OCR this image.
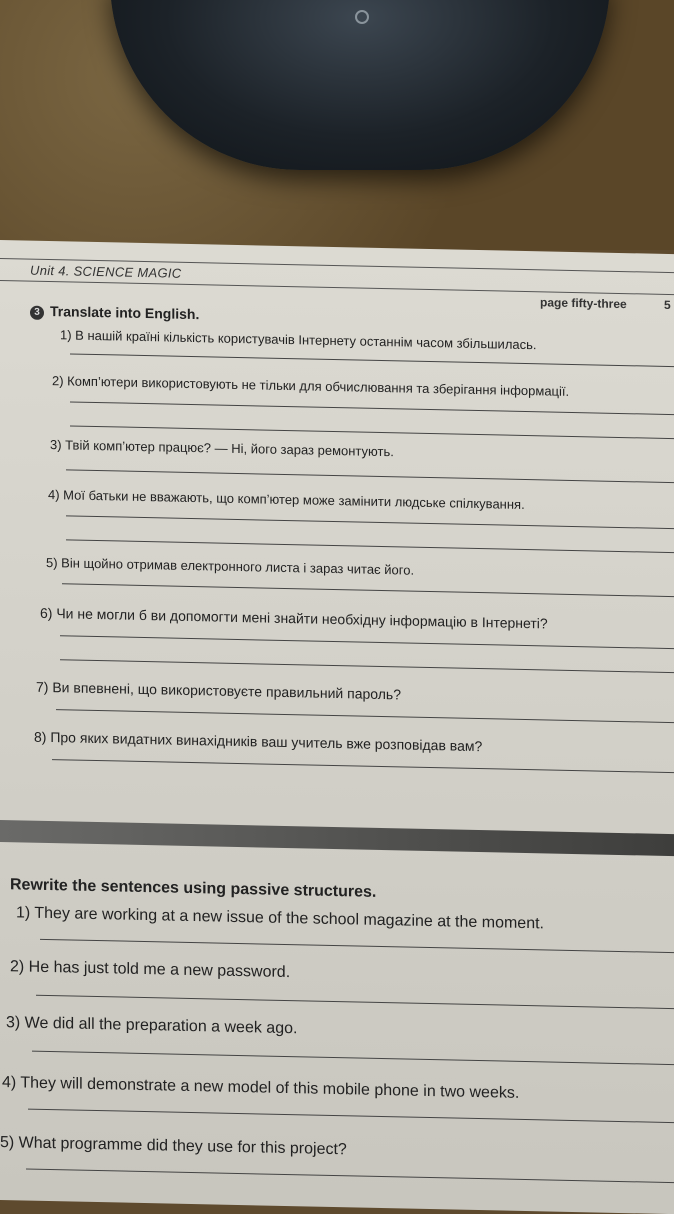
Unit 4. SCIENCE MAGIC
page fifty-three	5
3 Translate into English.
1) В нашій країні кількість користувачів Інтернету останнім часом збільшилась.
2) Комп’ютери використовують не тільки для обчислювання та зберігання інформації.
3) Твій комп’ютер працює? — Ні, його зараз ремонтують.
4) Мої батьки не вважають, що комп’ютер може замінити людське спілкування.
5) Він щойно отримав електронного листа і зараз читає його.
6) Чи не могли б ви допомогти мені знайти необхідну інформацію в Інтернеті?
7) Ви впевнені, що використовуєте правильний пароль?
8) Про яких видатних винахідників ваш учитель вже розповідав вам?
Rewrite the sentences using passive structures.
1) They are working at a new issue of the school magazine at the moment.
2) He has just told me a new password.
3) We did all the preparation a week ago.
4) They will demonstrate a new model of this mobile phone in two weeks.
5) What programme did they use for this project?
